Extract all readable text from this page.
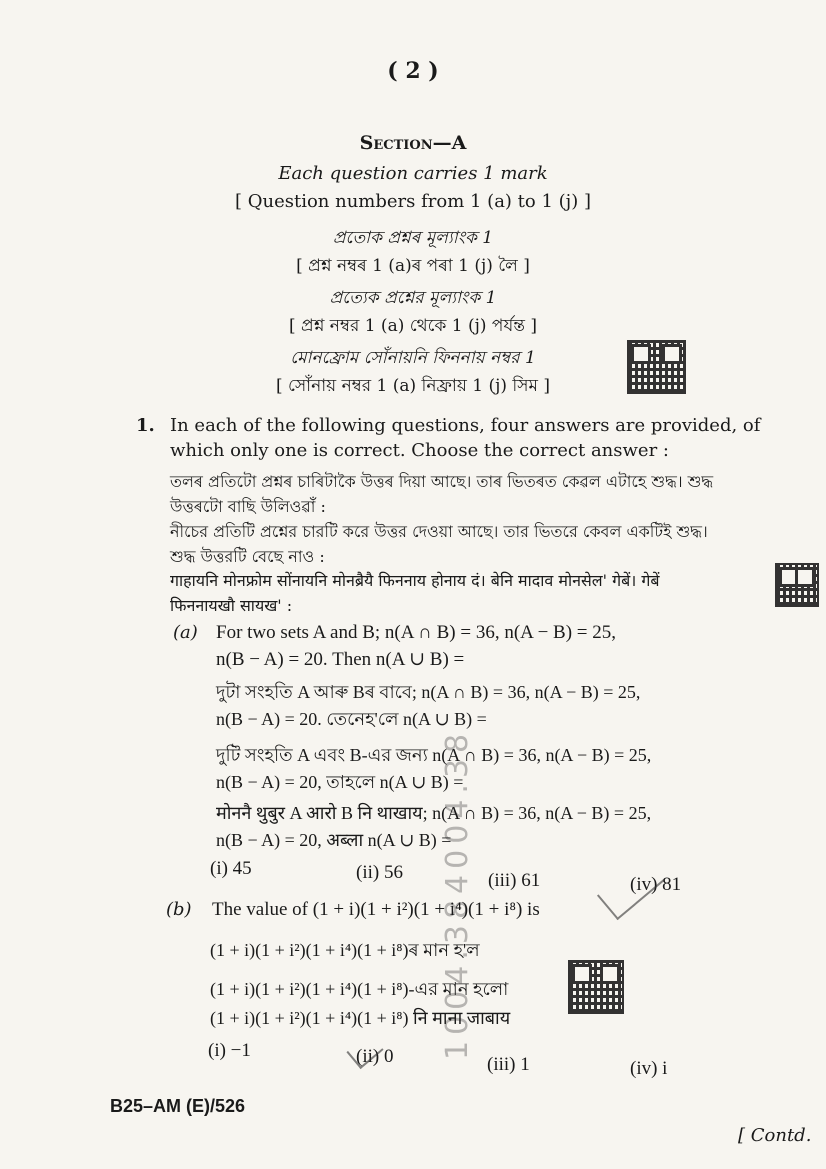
1004.384004.38
( 2 )
Section—A
Each question carries 1 mark
[ Question numbers from 1 (a) to 1 (j) ]
প্ৰতোক প্ৰশ্নৰ মূল্যাংক 1
[ প্ৰশ্ন নম্বৰ 1 (a)ৰ পৰা 1 (j) লৈ ]
প্রত্যেক প্রশ্নের মূল্যাংক 1
[ প্রশ্ন নম্বর 1 (a) থেকে 1 (j) পর্যন্ত ]
মোনফ্রোম সোঁনায়নি ফিননায় নম্বর 1
[ সোঁনায় নম্বর 1 (a) নিফ্রায় 1 (j) সিম ]
1. In each of the following questions, four answers are provided, of
which only one is correct. Choose the correct answer :
তলৰ প্ৰতিটো প্ৰশ্নৰ চাৰিটাকৈ উত্তৰ দিয়া আছে। তাৰ ভিতৰত কেৱল এটাহে শুদ্ধ। শুদ্ধ
উত্তৰটো বাছি উলিওৱাঁ :
নীচের প্রতিটি প্রশ্নের চারটি করে উত্তর দেওয়া আছে। তার ভিতরে কেবল একটিই শুদ্ধ।
শুদ্ধ উত্তরটি বেছে নাও :
गाहायनि मोनफ्रोम सोंनायनि मोनब्रैयै फिननाय होनाय दं। बेनि मादाव मोनसेल' गेबें। गेबें
फिननायखौ सायख' :
(a) For two sets A and B; n(A ∩ B) = 36, n(A − B) = 25,
n(B − A) = 20. Then n(A ∪ B) =
দুটা সংহতি A আৰু Bৰ বাবে; n(A ∩ B) = 36, n(A − B) = 25,
n(B − A) = 20. তেনেহ'লে n(A ∪ B) =
দুটি সংহতি A এবং B-এর জন্য n(A ∩ B) = 36, n(A − B) = 25,
n(B − A) = 20, তাহলে n(A ∪ B) =
मोननै थुबुर A आरो B नि थाखाय; n(A ∩ B) = 36, n(A − B) = 25,
n(B − A) = 20, अब्ला n(A ∪ B) =
(i) 45	(ii) 56	(iii) 61	(iv) 81
(b) The value of (1 + i)(1 + i²)(1 + i⁴)(1 + i⁸) is
(1 + i)(1 + i²)(1 + i⁴)(1 + i⁸)ৰ মান হ'ল
(1 + i)(1 + i²)(1 + i⁴)(1 + i⁸)-এর মান হলো
(1 + i)(1 + i²)(1 + i⁴)(1 + i⁸) नि माना जाबाय
(i) −1	(ii) 0	(iii) 1	(iv) i
B25–AM (E)/526
[ Contd.
